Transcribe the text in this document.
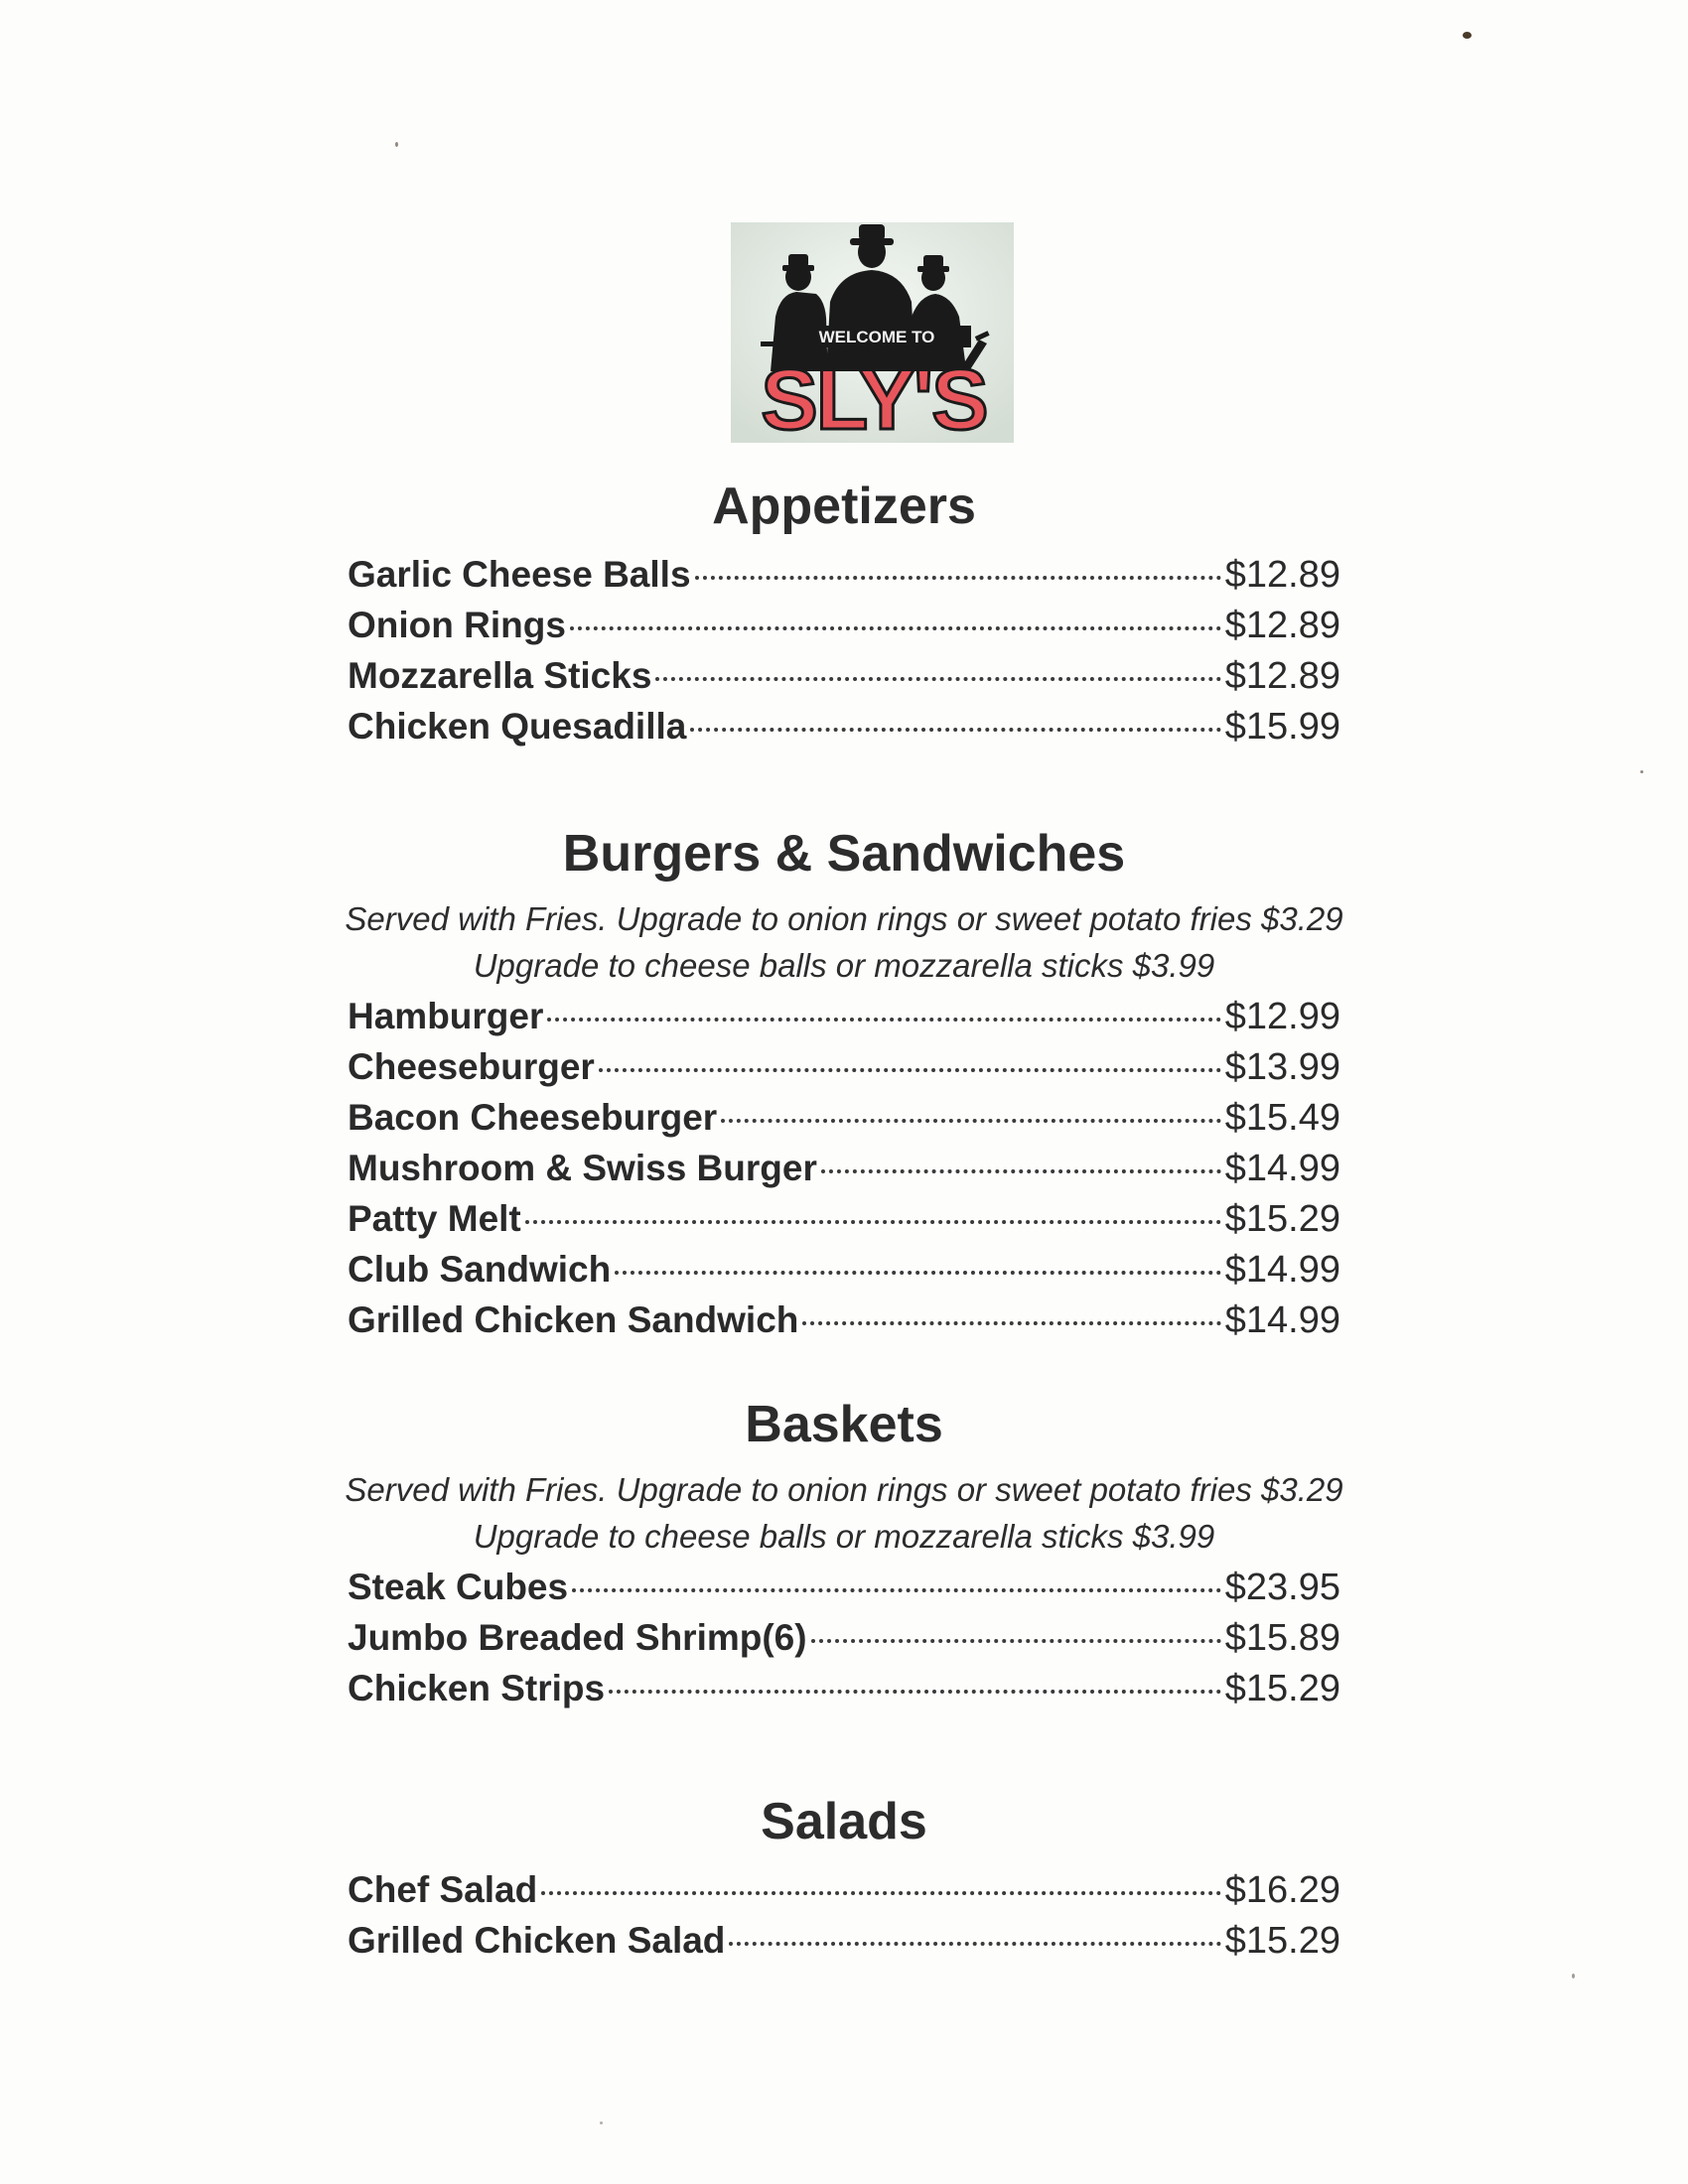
WELCOME TO
SLY'S
Appetizers
Garlic Cheese Balls	$12.89
Onion Rings	$12.89
Mozzarella Sticks	$12.89
Chicken Quesadilla	$15.99
Burgers & Sandwiches
Served with Fries. Upgrade to onion rings or sweet potato fries $3.29
Upgrade to cheese balls or mozzarella sticks $3.99
Hamburger	$12.99
Cheeseburger	$13.99
Bacon Cheeseburger	$15.49
Mushroom & Swiss Burger	$14.99
Patty Melt	$15.29
Club Sandwich	$14.99
Grilled Chicken Sandwich	$14.99
Baskets
Served with Fries. Upgrade to onion rings or sweet potato fries $3.29
Upgrade to cheese balls or mozzarella sticks $3.99
Steak Cubes	$23.95
Jumbo Breaded Shrimp(6)	$15.89
Chicken Strips	$15.29
Salads
Chef Salad	$16.29
Grilled Chicken Salad	$15.29
